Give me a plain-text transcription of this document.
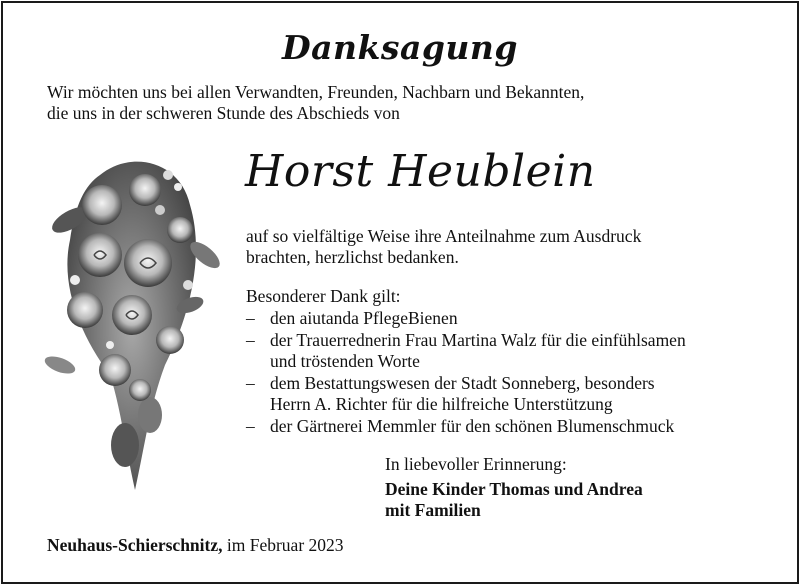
Danksagung
Wir möchten uns bei allen Verwandten, Freunden, Nachbarn und Bekannten,
die uns in der schweren Stunde des Abschieds von
Horst Heublein
auf so vielfältige Weise ihre Anteilnahme zum Ausdruck
brachten, herzlichst bedanken.
Besonderer Dank gilt:
– den aiutanda PflegeBienen
– der Trauerrednerin Frau Martina Walz für die einfühlsamen
und tröstenden Worte
– dem Bestattungswesen der Stadt Sonneberg, besonders
Herrn A. Richter für die hilfreiche Unterstützung
– der Gärtnerei Memmler für den schönen Blumenschmuck
In liebevoller Erinnerung:
Deine Kinder Thomas und Andrea
mit Familien
Neuhaus-Schierschnitz, im Februar 2023
